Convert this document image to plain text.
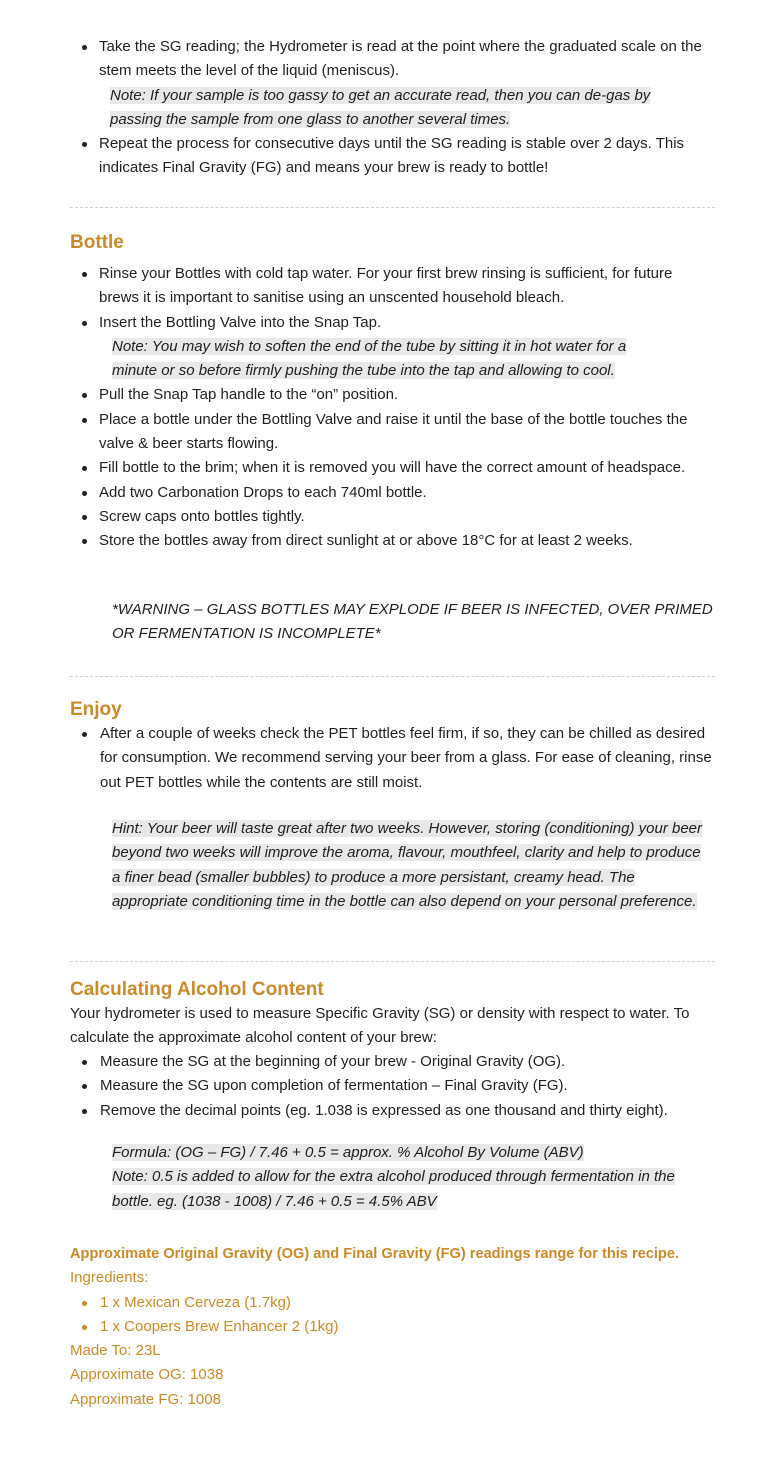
Take the SG reading; the Hydrometer is read at the point where the graduated scale on the stem meets the level of the liquid (meniscus).
Note: If your sample is too gassy to get an accurate read, then you can de-gas by passing the sample from one glass to another several times.
Repeat the process for consecutive days until the SG reading is stable over 2 days. This indicates Final Gravity (FG) and means your brew is ready to bottle!
Bottle
Rinse your Bottles with cold tap water. For your first brew rinsing is sufficient, for future brews it is important to sanitise using an unscented household bleach.
Insert the Bottling Valve into the Snap Tap.
Note: You may wish to soften the end of the tube by sitting it in hot water for a minute or so before firmly pushing the tube into the tap and allowing to cool.
Pull the Snap Tap handle to the “on” position.
Place a bottle under the Bottling Valve and raise it until the base of the bottle touches the valve & beer starts flowing.
Fill bottle to the brim; when it is removed you will have the correct amount of headspace.
Add two Carbonation Drops to each 740ml bottle.
Screw caps onto bottles tightly.
Store the bottles away from direct sunlight at or above 18°C for at least 2 weeks.
*WARNING – GLASS BOTTLES MAY EXPLODE IF BEER IS INFECTED, OVER PRIMED OR FERMENTATION IS INCOMPLETE*
Enjoy
After a couple of weeks check the PET bottles feel firm, if so, they can be chilled as desired for consumption. We recommend serving your beer from a glass. For ease of cleaning, rinse out PET bottles while the contents are still moist.
Hint: Your beer will taste great after two weeks. However, storing (conditioning) your beer beyond two weeks will improve the aroma, flavour, mouthfeel, clarity and help to produce a finer bead (smaller bubbles) to produce a more persistant, creamy head. The appropriate conditioning time in the bottle can also depend on your personal preference.
Calculating Alcohol Content
Your hydrometer is used to measure Specific Gravity (SG) or density with respect to water. To calculate the approximate alcohol content of your brew:
Measure the SG at the beginning of your brew - Original Gravity (OG).
Measure the SG upon completion of fermentation – Final Gravity (FG).
Remove the decimal points (eg. 1.038 is expressed as one thousand and thirty eight).
Formula: (OG – FG) / 7.46 + 0.5 = approx. % Alcohol By Volume (ABV)
Note: 0.5 is added to allow for the extra alcohol produced through fermentation in the bottle. eg. (1038 - 1008) / 7.46 + 0.5 = 4.5% ABV
Approximate Original Gravity (OG) and Final Gravity (FG) readings range for this recipe.
Ingredients:
1 x Mexican Cerveza (1.7kg)
1 x Coopers Brew Enhancer 2 (1kg)
Made To: 23L
Approximate OG: 1038
Approximate FG: 1008
